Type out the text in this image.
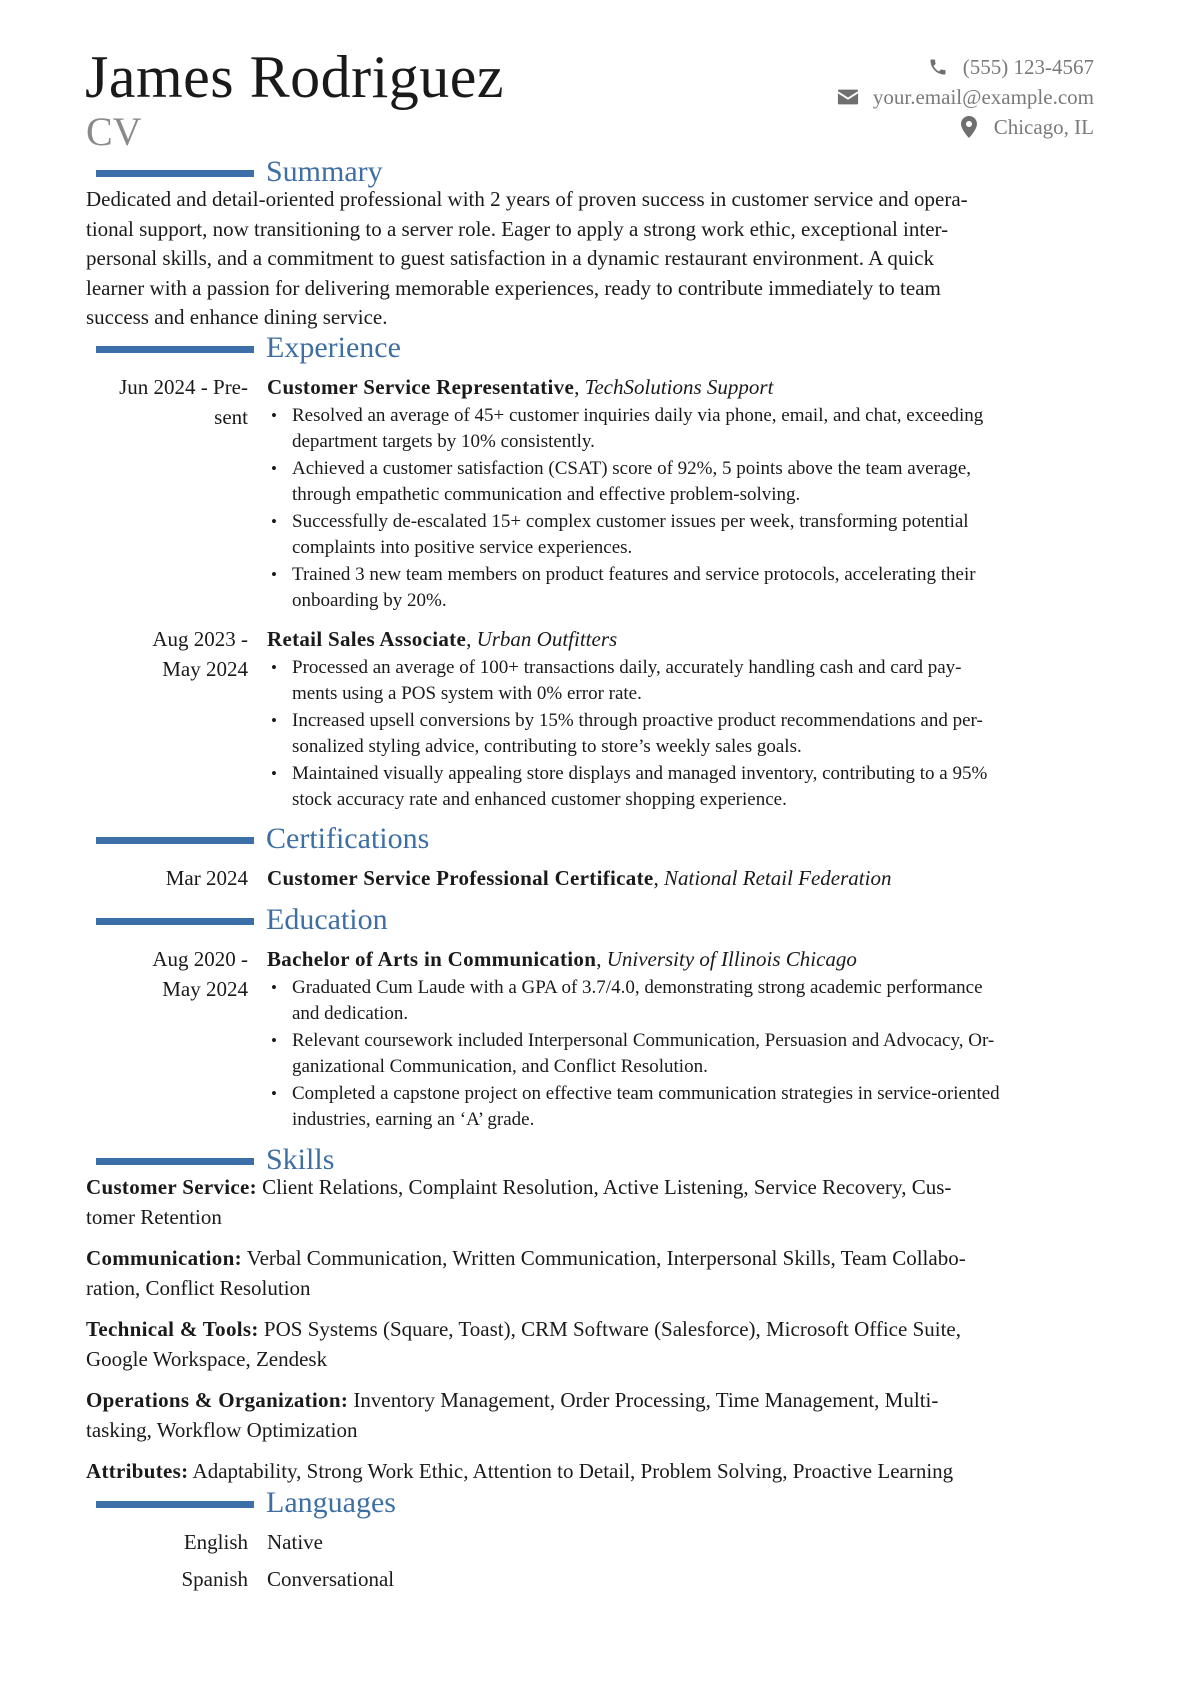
James Rodriguez
CV
(555) 123-4567
your.email@example.com
Chicago, IL
Summary
Dedicated and detail-oriented professional with 2 years of proven success in customer service and opera-
tional support, now transitioning to a server role. Eager to apply a strong work ethic, exceptional inter-
personal skills, and a commitment to guest satisfaction in a dynamic restaurant environment. A quick
learner with a passion for delivering memorable experiences, ready to contribute immediately to team
success and enhance dining service.
Experience
Jun 2024 - Pre-
sent
Customer Service Representative, TechSolutions Support
• Resolved an average of 45+ customer inquiries daily via phone, email, and chat, exceeding
department targets by 10% consistently.
• Achieved a customer satisfaction (CSAT) score of 92%, 5 points above the team average,
through empathetic communication and effective problem-solving.
• Successfully de-escalated 15+ complex customer issues per week, transforming potential
complaints into positive service experiences.
• Trained 3 new team members on product features and service protocols, accelerating their
onboarding by 20%.
Aug 2023 -
May 2024
Retail Sales Associate, Urban Outfitters
• Processed an average of 100+ transactions daily, accurately handling cash and card pay-
ments using a POS system with 0% error rate.
• Increased upsell conversions by 15% through proactive product recommendations and per-
sonalized styling advice, contributing to store’s weekly sales goals.
• Maintained visually appealing store displays and managed inventory, contributing to a 95%
stock accuracy rate and enhanced customer shopping experience.
Certifications
Mar 2024 Customer Service Professional Certificate, National Retail Federation
Education
Aug 2020 -
May 2024
Bachelor of Arts in Communication, University of Illinois Chicago
• Graduated Cum Laude with a GPA of 3.7/4.0, demonstrating strong academic performance
and dedication.
• Relevant coursework included Interpersonal Communication, Persuasion and Advocacy, Or-
ganizational Communication, and Conflict Resolution.
• Completed a capstone project on effective team communication strategies in service-oriented
industries, earning an ‘A’ grade.
Skills
Customer Service: Client Relations, Complaint Resolution, Active Listening, Service Recovery, Cus-
tomer Retention
Communication: Verbal Communication, Written Communication, Interpersonal Skills, Team Collabo-
ration, Conflict Resolution
Technical & Tools: POS Systems (Square, Toast), CRM Software (Salesforce), Microsoft Office Suite,
Google Workspace, Zendesk
Operations & Organization: Inventory Management, Order Processing, Time Management, Multi-
tasking, Workflow Optimization
Attributes: Adaptability, Strong Work Ethic, Attention to Detail, Problem Solving, Proactive Learning
Languages
English Native
Spanish Conversational
